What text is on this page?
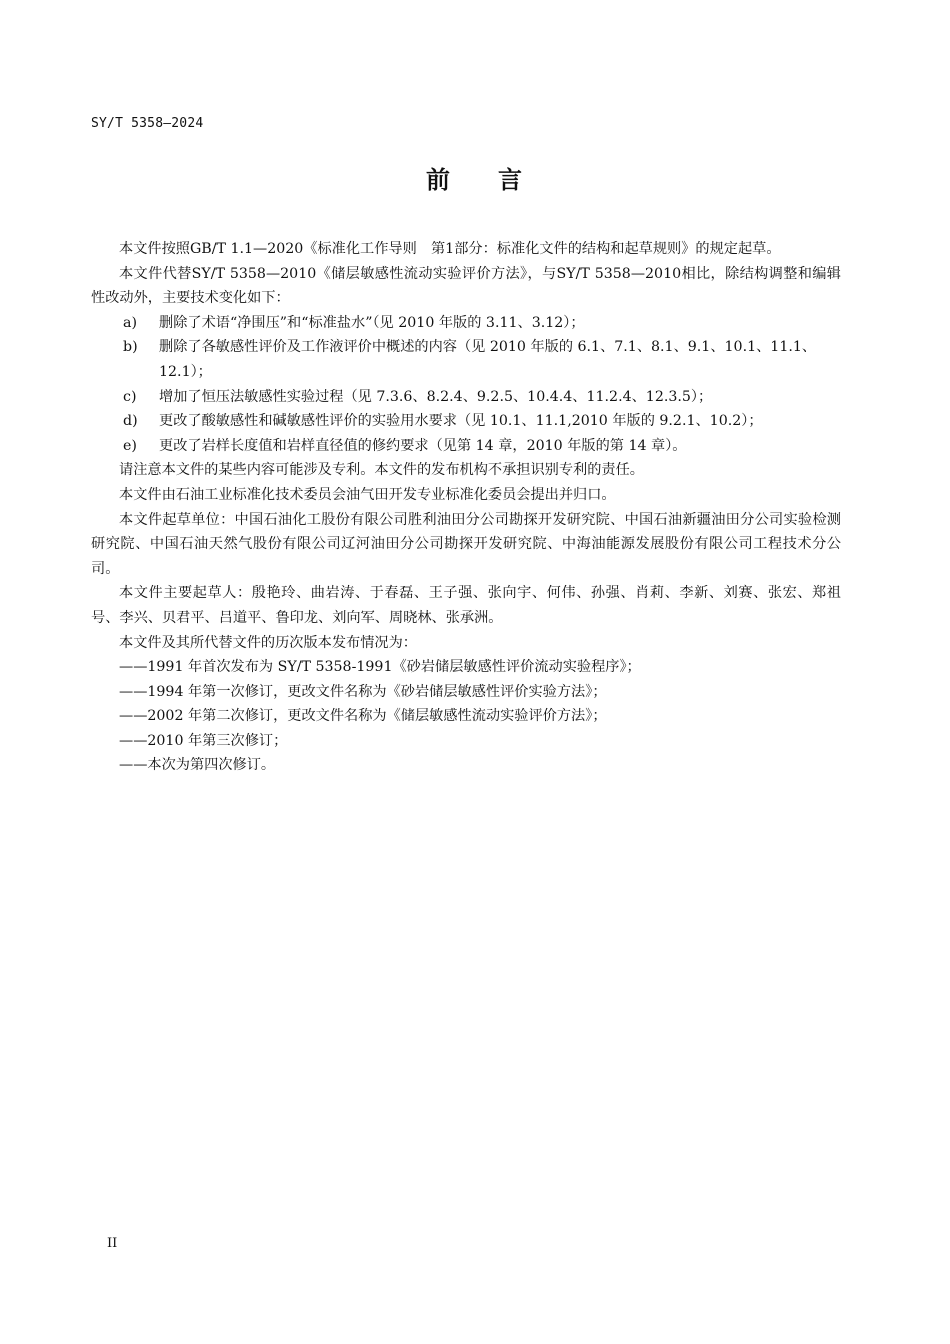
SY/T 5358—2024
前 言

本文件按照GB/T 1.1—2020《标准化工作导则　第1部分：标准化文件的结构和起草规则》的规定起草。

本文件代替SY/T 5358—2010《储层敏感性流动实验评价方法》，与SY/T 5358—2010相比，除结构调整和编辑性改动外，主要技术变化如下：

a) 删除了术语“净围压”和“标准盐水”（见 2010 年版的 3.11、3.12）；

b) 删除了各敏感性评价及工作液评价中概述的内容（见 2010 年版的 6.1、7.1、8.1、9.1、10.1、11.1、12.1）；

c) 增加了恒压法敏感性实验过程（见 7.3.6、8.2.4、9.2.5、10.4.4、11.2.4、12.3.5）；

d) 更改了酸敏感性和碱敏感性评价的实验用水要求（见 10.1、11.1,2010 年版的 9.2.1、10.2）；

e) 更改了岩样长度值和岩样直径值的修约要求（见第 14 章，2010 年版的第 14 章）。

请注意本文件的某些内容可能涉及专利。本文件的发布机构不承担识别专利的责任。

本文件由石油工业标准化技术委员会油气田开发专业标准化委员会提出并归口。

本文件起草单位：中国石油化工股份有限公司胜利油田分公司勘探开发研究院、中国石油新疆油田分公司实验检测研究院、中国石油天然气股份有限公司辽河油田分公司勘探开发研究院、中海油能源发展股份有限公司工程技术分公司。

本文件主要起草人：殷艳玲、曲岩涛、于春磊、王子强、张向宇、何伟、孙强、肖莉、李新、刘赛、张宏、郑祖号、李兴、贝君平、吕道平、鲁印龙、刘向军、周晓林、张承洲。

本文件及其所代替文件的历次版本发布情况为：

——1991 年首次发布为 SY/T 5358-1991《砂岩储层敏感性评价流动实验程序》；

——1994 年第一次修订，更改文件名称为《砂岩储层敏感性评价实验方法》；

——2002 年第二次修订，更改文件名称为《储层敏感性流动实验评价方法》；

——2010 年第三次修订；

——本次为第四次修订。

II
